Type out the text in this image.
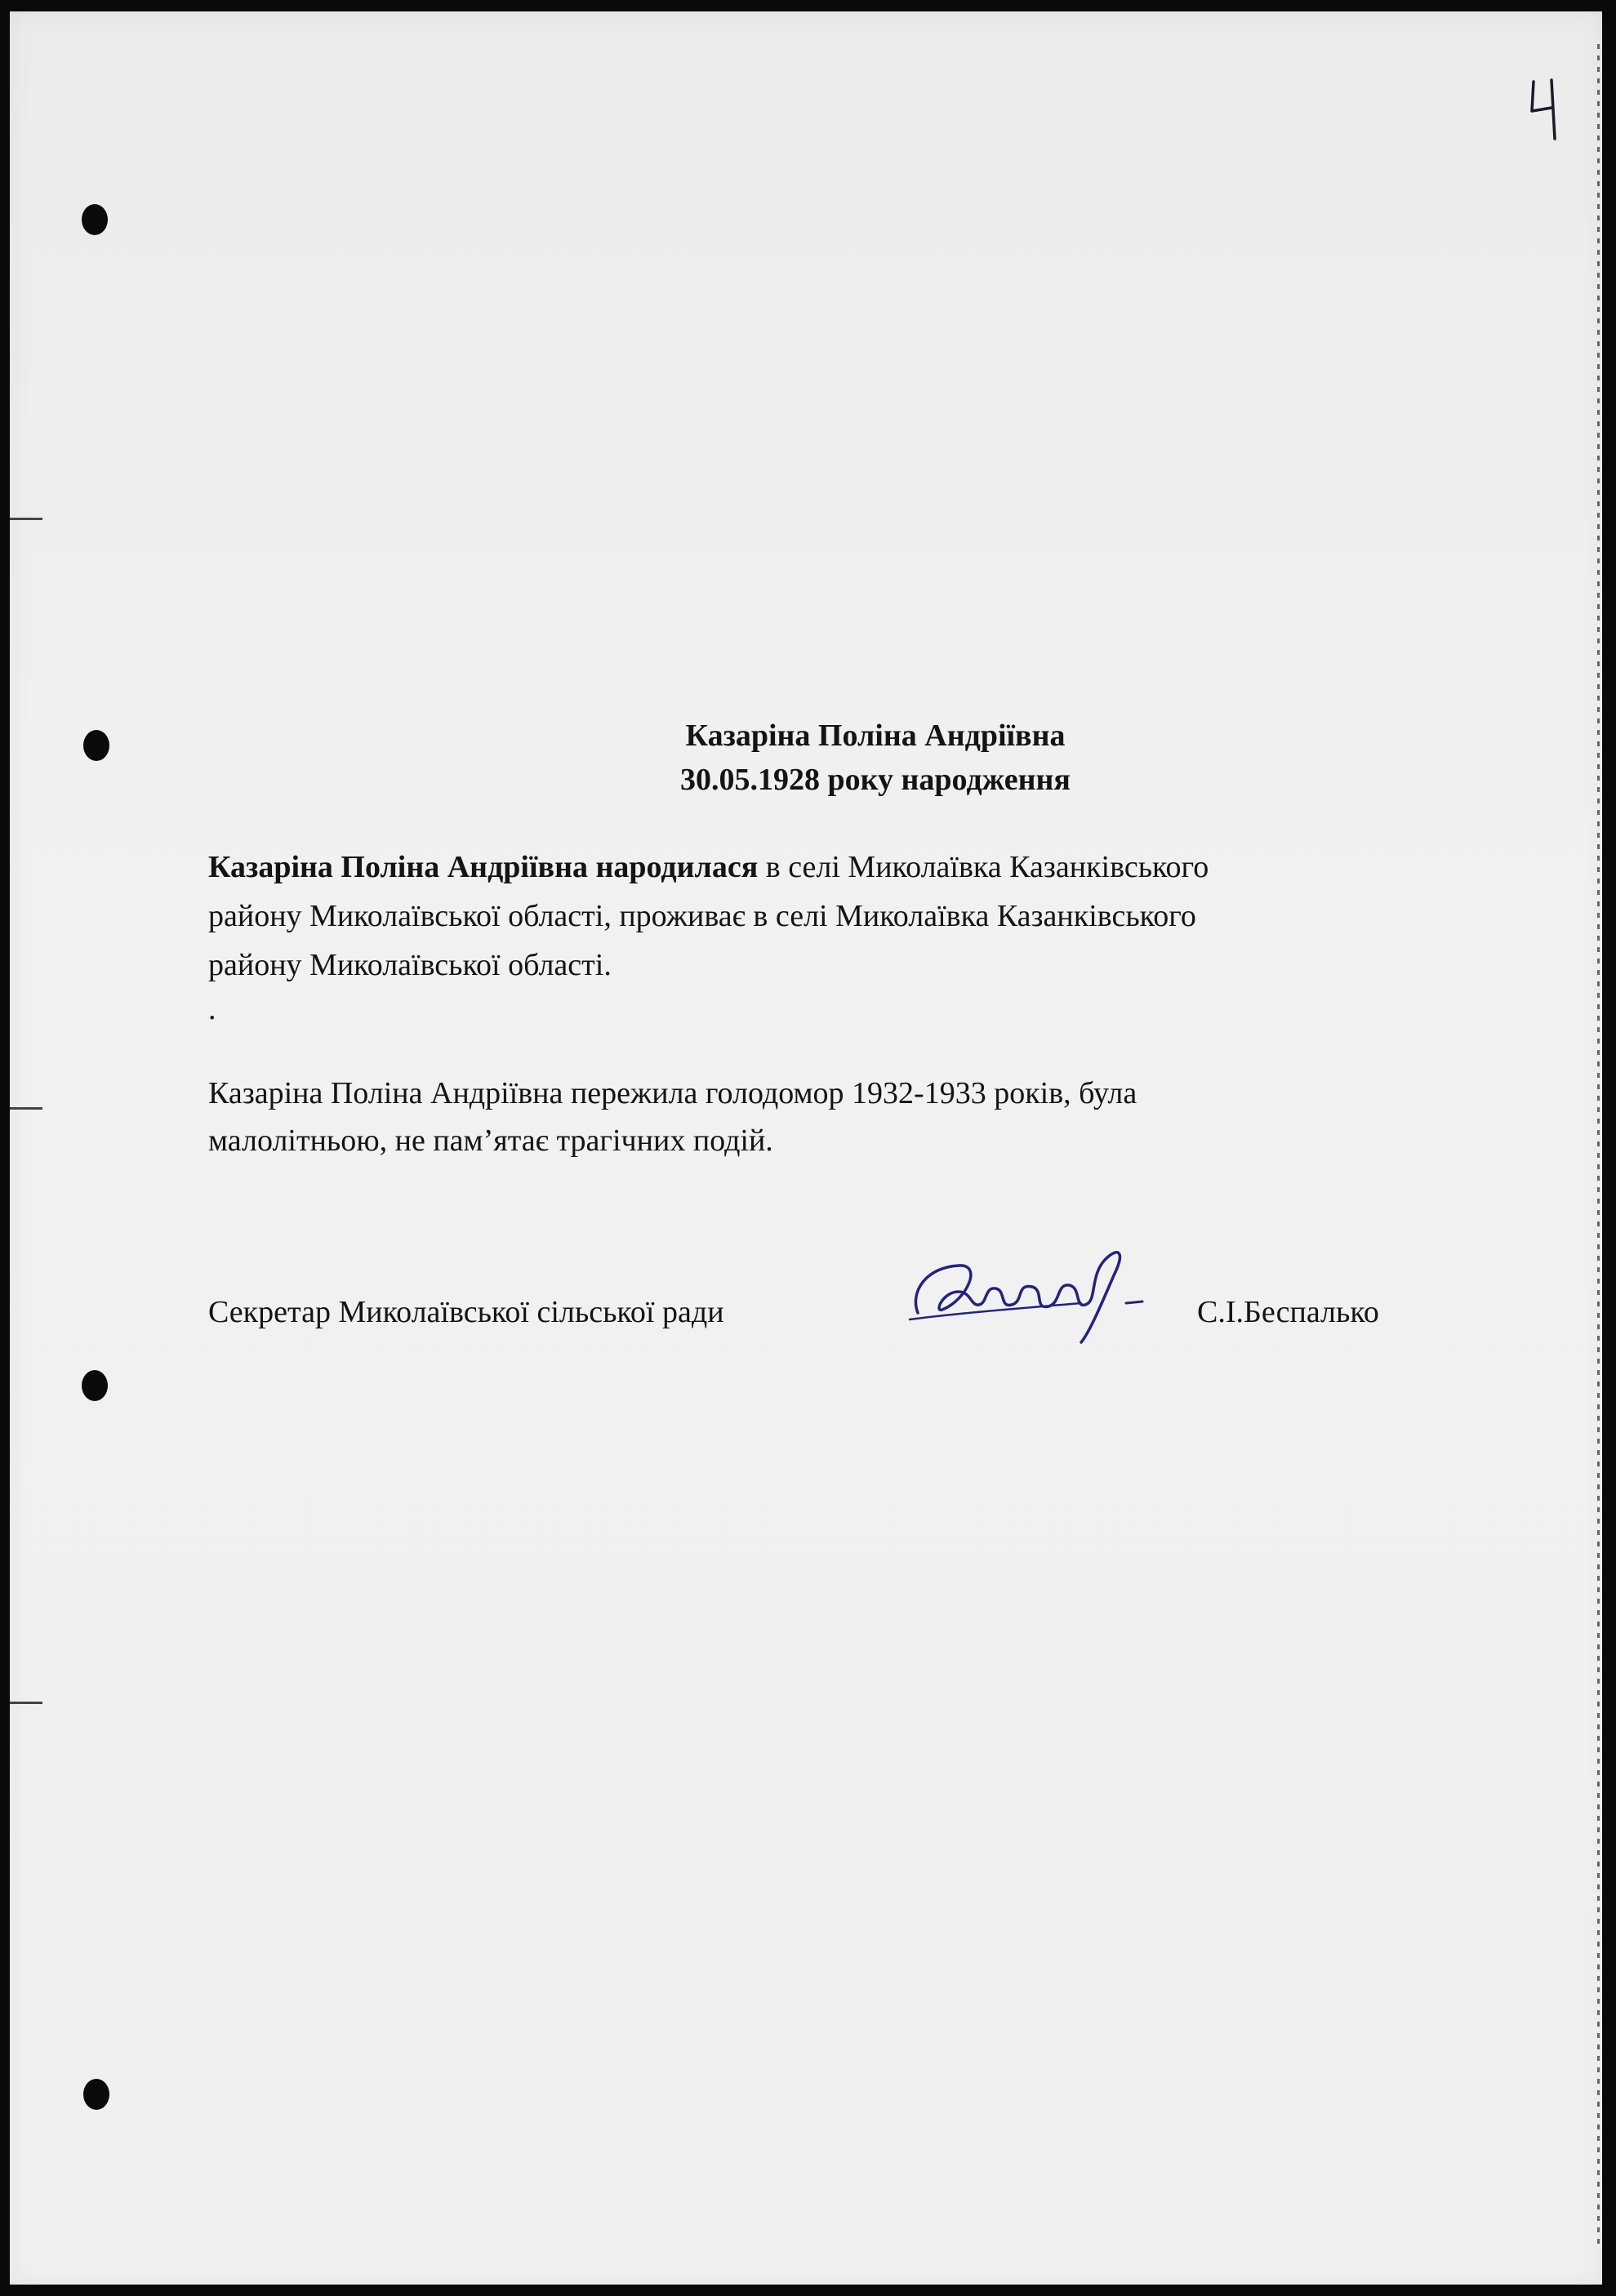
Казаріна Поліна Андріївна
30.05.1928 року народження
Казаріна Поліна Андріївна народилася в селі Миколаївка Казанківського
району Миколаївської області, проживає в селі Миколаївка Казанківського
району Миколаївської області.
.
Казаріна Поліна Андріївна пережила голодомор 1932-1933 років, була
малолітньою, не пам’ятає трагічних подій.
Секретар Миколаївської сільської ради	С.І.Беспалько
